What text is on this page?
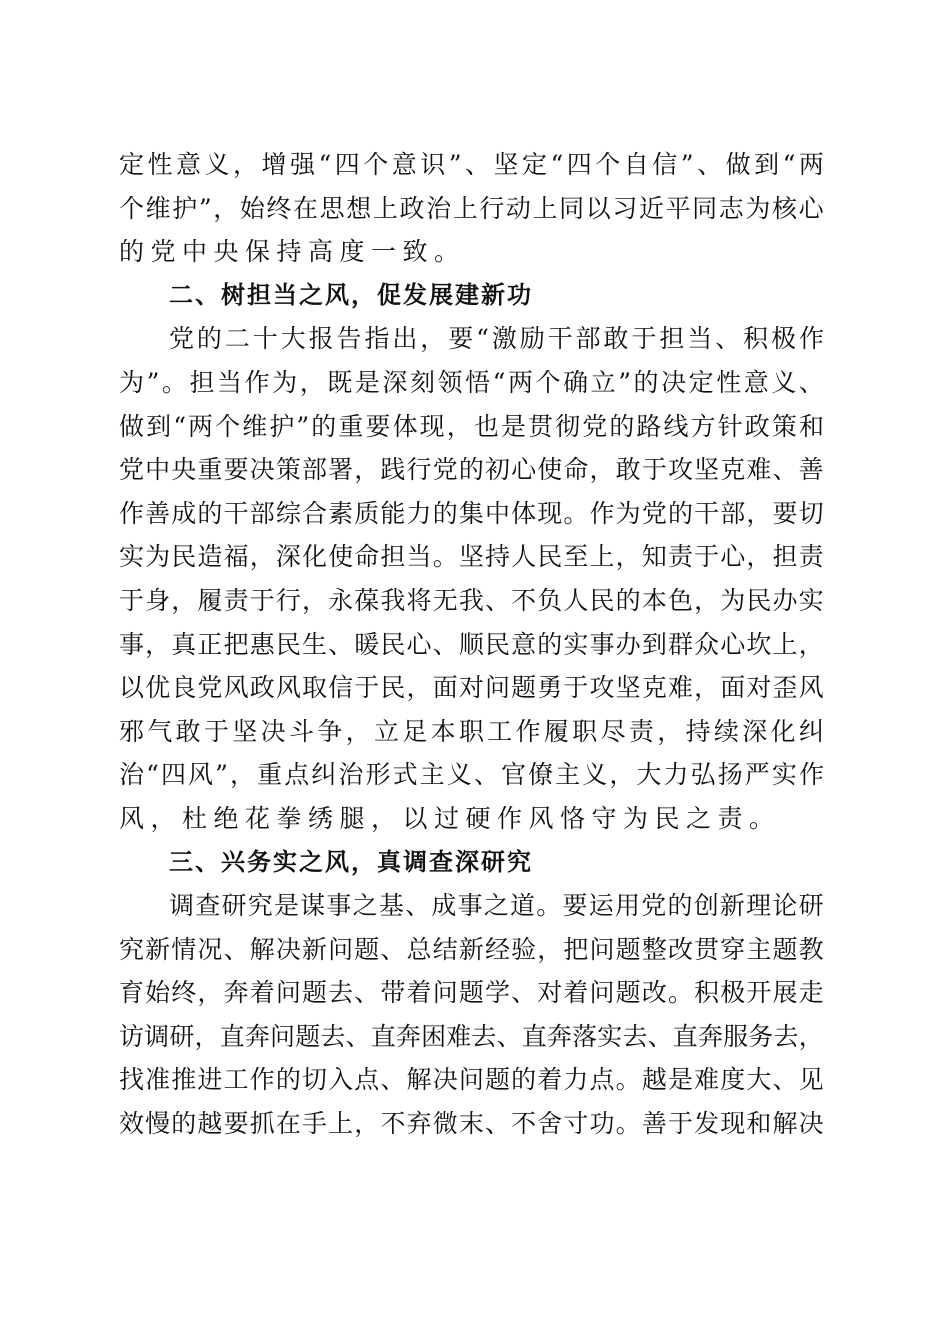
定 性 意 义 ， 增 强 “ 四 个 意 识 ” 、 坚 定 “ 四 个 自 信 ” 、 做 到 “ 两
个 维 护 ” ， 始 终 在 思 想 上 政 治 上 行 动 上 同 以 习 近 平 同 志 为 核 心
的党中央保持高度一致。
二、树担当之风，促发展建新功
党 的 二 十 大 报 告 指 出 ， 要 “ 激 励 干 部 敢 于 担 当 、 积 极 作
为 ” 。 担 当 作 为 ， 既 是 深 刻 领 悟 “ 两 个 确 立 ” 的 决 定 性 意 义 、
做 到 “ 两 个 维 护 ” 的 重 要 体 现 ， 也 是 贯 彻 党 的 路 线 方 针 政 策 和
党 中 央 重 要 决 策 部 署 ， 践 行 党 的 初 心 使 命 ， 敢 于 攻 坚 克 难 、 善
作 善 成 的 干 部 综 合 素 质 能 力 的 集 中 体 现 。 作 为 党 的 干 部 ， 要 切
实 为 民 造 福 ， 深 化 使 命 担 当 。 坚 持 人 民 至 上 ， 知 责 于 心 ， 担 责
于 身 ， 履 责 于 行 ， 永 葆 我 将 无 我 、 不 负 人 民 的 本 色 ， 为 民 办 实
事 ， 真 正 把 惠 民 生 、 暖 民 心 、 顺 民 意 的 实 事 办 到 群 众 心 坎 上 ，
以 优 良 党 风 政 风 取 信 于 民 ， 面 对 问 题 勇 于 攻 坚 克 难 ， 面 对 歪 风
邪 气 敢 于 坚 决 斗 争 ， 立 足 本 职 工 作 履 职 尽 责 ， 持 续 深 化 纠
治 “ 四 风 ” ， 重 点 纠 治 形 式 主 义 、 官 僚 主 义 ， 大 力 弘 扬 严 实 作
风，杜绝花拳绣腿，以过硬作风恪守为民之责。
三、兴务实之风，真调查深研究
调 查 研 究 是 谋 事 之 基 、 成 事 之 道 。 要 运 用 党 的 创 新 理 论 研
究 新 情 况 、 解 决 新 问 题 、 总 结 新 经 验 ， 把 问 题 整 改 贯 穿 主 题 教
育 始 终 ， 奔 着 问 题 去 、 带 着 问 题 学 、 对 着 问 题 改 。 积 极 开 展 走
访 调 研 ， 直 奔 问 题 去 、 直 奔 困 难 去 、 直 奔 落 实 去 、 直 奔 服 务 去 ，
找 准 推 进 工 作 的 切 入 点 、 解 决 问 题 的 着 力 点 。 越 是 难 度 大 、 见
效 慢 的 越 要 抓 在 手 上 ， 不 弃 微 末 、 不 舍 寸 功 。 善 于 发 现 和 解 决
